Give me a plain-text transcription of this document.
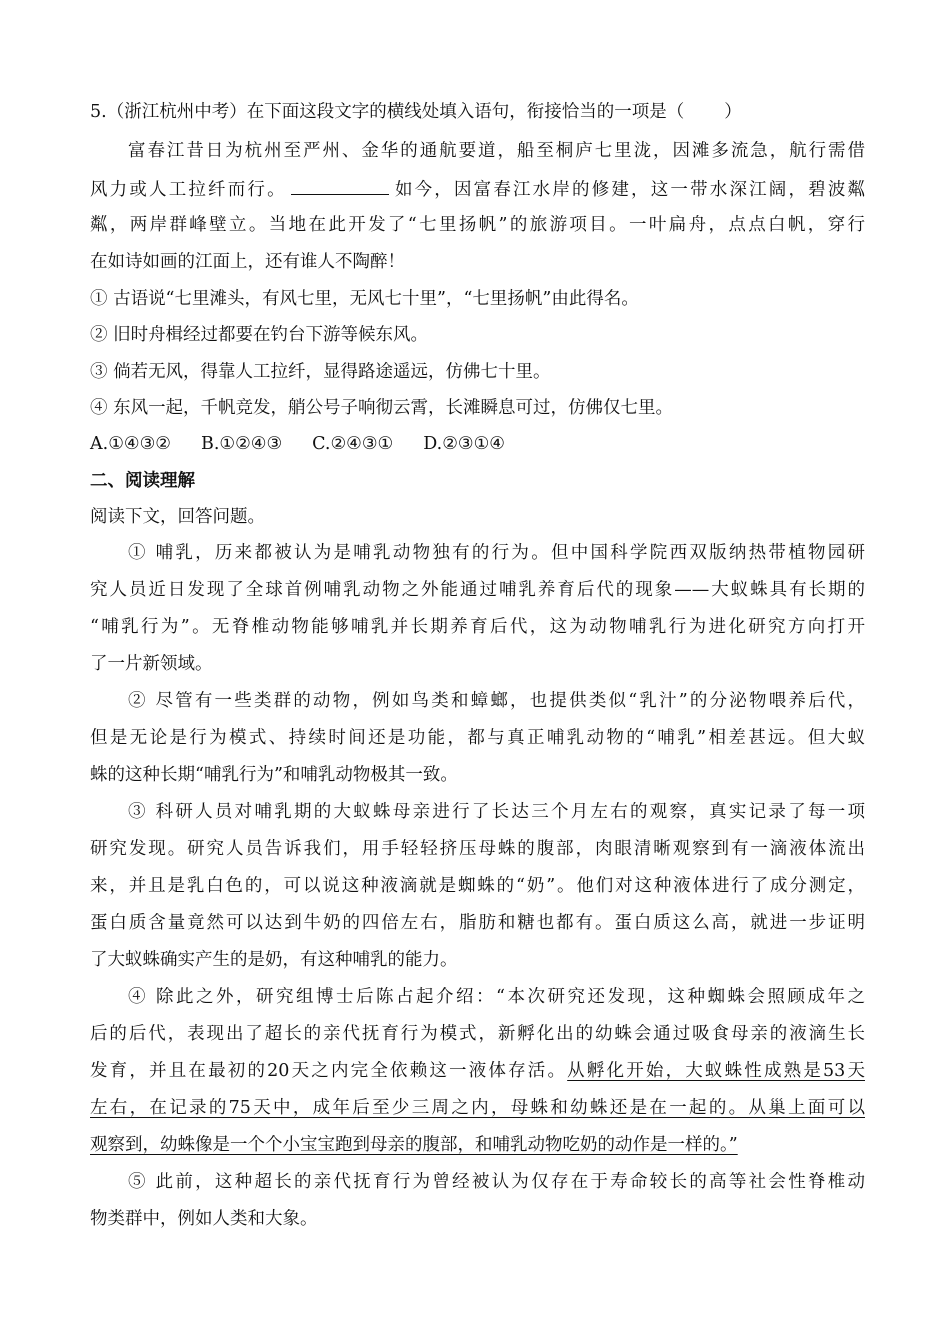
5.（浙江杭州中考）在下面这段文字的横线处填入语句，衔接恰当的一项是（ ）
富春江昔日为杭州至严州、金华的通航要道，船至桐庐七里泷，因滩多流急，航行需借
风力或人工拉纤而行。	如今，因富春江水岸的修建，这一带水深江阔，碧波粼
粼，两岸群峰壁立。当地在此开发了“七里扬帆”的旅游项目。一叶扁舟，点点白帆，穿行
在如诗如画的江面上，还有谁人不陶醉！
① 古语说“七里滩头，有风七里，无风七十里”，“七里扬帆”由此得名。
② 旧时舟楫经过都要在钓台下游等候东风。
③ 倘若无风，得靠人工拉纤，显得路途遥远，仿佛七十里。
④ 东风一起，千帆竞发，艄公号子响彻云霄，长滩瞬息可过，仿佛仅七里。
A.①④③② B.①②④③ C.②④③① D.②③①④
二、阅读理解
阅读下文，回答问题。
① 哺乳，历来都被认为是哺乳动物独有的行为。但中国科学院西双版纳热带植物园研
究人员近日发现了全球首例哺乳动物之外能通过哺乳养育后代的现象——大蚁蛛具有长期的
“哺乳行为”。无脊椎动物能够哺乳并长期养育后代，这为动物哺乳行为进化研究方向打开
了一片新领域。
② 尽管有一些类群的动物，例如鸟类和蟑螂，也提供类似“乳汁”的分泌物喂养后代，
但是无论是行为模式、持续时间还是功能，都与真正哺乳动物的“哺乳”相差甚远。但大蚁
蛛的这种长期“哺乳行为”和哺乳动物极其一致。
③ 科研人员对哺乳期的大蚁蛛母亲进行了长达三个月左右的观察，真实记录了每一项
研究发现。研究人员告诉我们，用手轻轻挤压母蛛的腹部，肉眼清晰观察到有一滴液体流出
来，并且是乳白色的，可以说这种液滴就是蜘蛛的“奶”。他们对这种液体进行了成分测定，
蛋白质含量竟然可以达到牛奶的四倍左右，脂肪和糖也都有。蛋白质这么高，就进一步证明
了大蚁蛛确实产生的是奶，有这种哺乳的能力。
④ 除此之外，研究组博士后陈占起介绍：“本次研究还发现，这种蜘蛛会照顾成年之
后的后代，表现出了超长的亲代抚育行为模式，新孵化出的幼蛛会通过吸食母亲的液滴生长
发育，并且在最初的20天之内完全依赖这一液体存活。从孵化开始，大蚁蛛性成熟是53天
左右，在记录的75天中，成年后至少三周之内，母蛛和幼蛛还是在一起的。从巢上面可以
观察到，幼蛛像是一个个小宝宝跑到母亲的腹部，和哺乳动物吃奶的动作是一样的。”
⑤ 此前，这种超长的亲代抚育行为曾经被认为仅存在于寿命较长的高等社会性脊椎动
物类群中，例如人类和大象。
